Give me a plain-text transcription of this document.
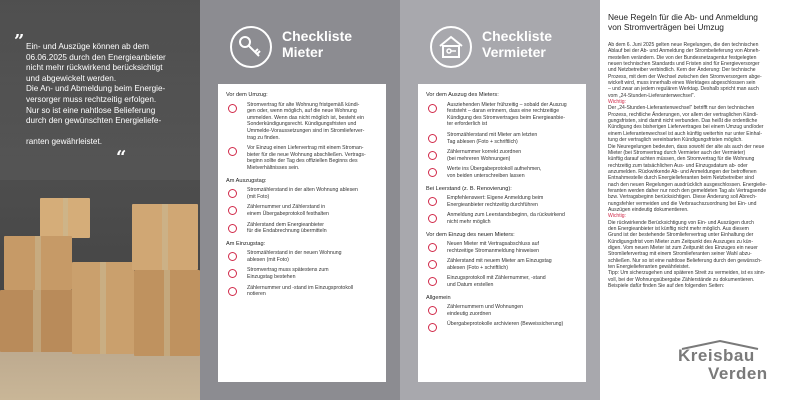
” Ein- und Auszüge können ab dem
06.06.2025 durch den Energieanbieter
nicht mehr rückwirkend berücksichtigt
und abgewickelt werden.
Die An- und Abmeldung beim Energie-
versorger muss rechtzeitig erfolgen.
Nur so ist eine nahtlose Belieferung
durch den gewünschten Energieliefe-
ranten gewährleistet.
“
Checkliste
Mieter
Vor dem Umzug:
Stromvertrag für alte Wohnung fristgemäß kündi-
gen oder, wenn möglich, auf die neue Wohnung
ummelden. Wenn das nicht möglich ist, besteht ein
Sonderkündigungsrecht. Kündigungsfristen und
Ummelde-Voraussetzungen sind im Stromlieferver-
trag zu finden.
Vor Einzug einen Liefervertrag mit einem Stroman-
bieter für die neue Wohnung abschließen. Vertrags-
beginn sollte der Tag des offiziellen Beginns des
Mietverhältnisses sein.
Am Auszugstag:
Stromzählerstand in der alten Wohnung ablesen
(mit Foto)
Zählernummer und Zählerstand in
einem Übergabeprotokoll festhalten
Zählerstand dem Energieanbieter
für die Endabrechnung übermitteln
Am Einzugstag:
Stromzählerstand in der neuen Wohnung
ablesen (mit Foto)
Stromvertrag muss spätestens zum
Einzugstag bestehen
Zählernummer und -stand im Einzugsprotokoll
notieren
Checkliste
Vermieter
Vor dem Auszug des Mieters:
Ausziehenden Mieter frühzeitig – sobald der Auszug
feststeht – daran erinnern, dass eine rechtzeitige
Kündigung des Stromvertrages beim Energieanbie-
ter erforderlich ist
Stromzählerstand mit Mieter am letzten
Tag ablesen (Foto + schriftlich)
Zählernummer korrekt zuordnen
(bei mehreren Wohnungen)
Werte ins Übergabeprotokoll aufnehmen,
von beiden unterschreiben lassen
Bei Leerstand (z. B. Renovierung):
Empfehlenswert: Eigene Anmeldung beim
Energieanbieter rechtzeitig durchführen
Anmeldung zum Leerstandsbeginn, da rückwirkend
nicht mehr möglich
Vor dem Einzug des neuen Mieters:
Neuen Mieter mit Vertragsabschluss auf
rechtzeitige Stromanmeldung hinweisen
Zählerstand mit neuem Mieter am Einzugstag
ablesen (Foto + schriftlich)
Einzugsprotokoll mit Zählernummer, -stand
und Datum erstellen
Allgemein
Zählernummern und Wohnungen
eindeutig zuordnen
Übergabeprotokolle archivieren (Beweissicherung)
Neue Regeln für die Ab- und Anmeldung
von Stromverträgen bei Umzug
Ab dem 6. Juni 2025 gelten neue Regelungen, die den technischen
Ablauf bei der Ab- und Anmeldung der Strombelieferung von Abneh-
mestellen verändern. Die von der Bundesnetzagentur festgelegten
neuen technischen Standards und Fristen sind für Energieversorger
und Netzbetreiber verbindlich. Kern der Änderung: Der technische
Prozess, mit dem der Wechsel zwischen den Stromversorgern abge-
wickelt wird, muss innerhalb eines Werktages abgeschlossen sein
– und zwar an jedem regulären Werktag. Deshalb spricht man auch
vom „24-Stunden-Lieferantenwechsel“.
Wichtig:
Der „24-Stunden-Lieferantenwechsel“ betrifft nur den technischen
Prozess, rechtliche Änderungen, vor allem der vertraglichen Kündi-
gungsfristen, sind damit nicht verbunden. Das heißt die ordentliche
Kündigung des bisherigen Liefervertrages bei einem Umzug und/oder
einem Lieferantenwechsel ist auch künftig weiterhin nur unter Einhal-
tung der vertraglich vereinbarten Kündigungsfristen möglich.
Die Neuregelungen bedeuten, dass sowohl der alte als auch der neue
Mieter (bei Stromvertrag durch Vermieter auch der Vermieter)
künftig darauf achten müssen, den Stromvertrag für die Wohnung
rechtzeitig zum tatsächlichen Aus- und Einzugsdatum ab- oder
anzumelden. Rückwirkende Ab- und Anmeldungen der betroffenen
Entnahmestelle durch Energielieferanten beim Netzbetreiber sind
nach den neuen Regelungen ausdrücklich ausgeschlossen. Energielie-
feranten werden daher nur noch den gemeldeten Tag als Vertragsende
bzw. Vertragsbeginn berücksichtigen. Diese Änderung soll Abrech-
nungsfehler vermeiden und die Verbrauchszuordnung bei Ein- und
Auszügen eindeutig dokumentieren.
Wichtig:
Die rückwirkende Berücksichtigung von Ein- und Auszügen durch
den Energieanbieter ist künftig nicht mehr möglich. Aus diesem
Grund ist der bestehende Stromliefervertrag unter Einhaltung der
Kündigungsfrist vom Mieter zum Zeitpunkt des Auszuges zu kün-
digen. Vom neuen Mieter ist zum Zeitpunkt des Einzuges ein neuer
Stromliefervertrag mit einem Stromlieferanten seiner Wahl abzu-
schließen. Nur so ist eine nahtlose Belieferung durch den gewünsch-
ten Energielieferanten gewährleistet.
Tipp: Um sicherzugehen und späteren Streit zu vermeiden, ist es sinn-
voll, bei der Wohnungsübergabe Zählerstände zu dokumentieren.
Beispiele dafür finden Sie auf den folgenden Seiten:
Kreisbau
Verden
